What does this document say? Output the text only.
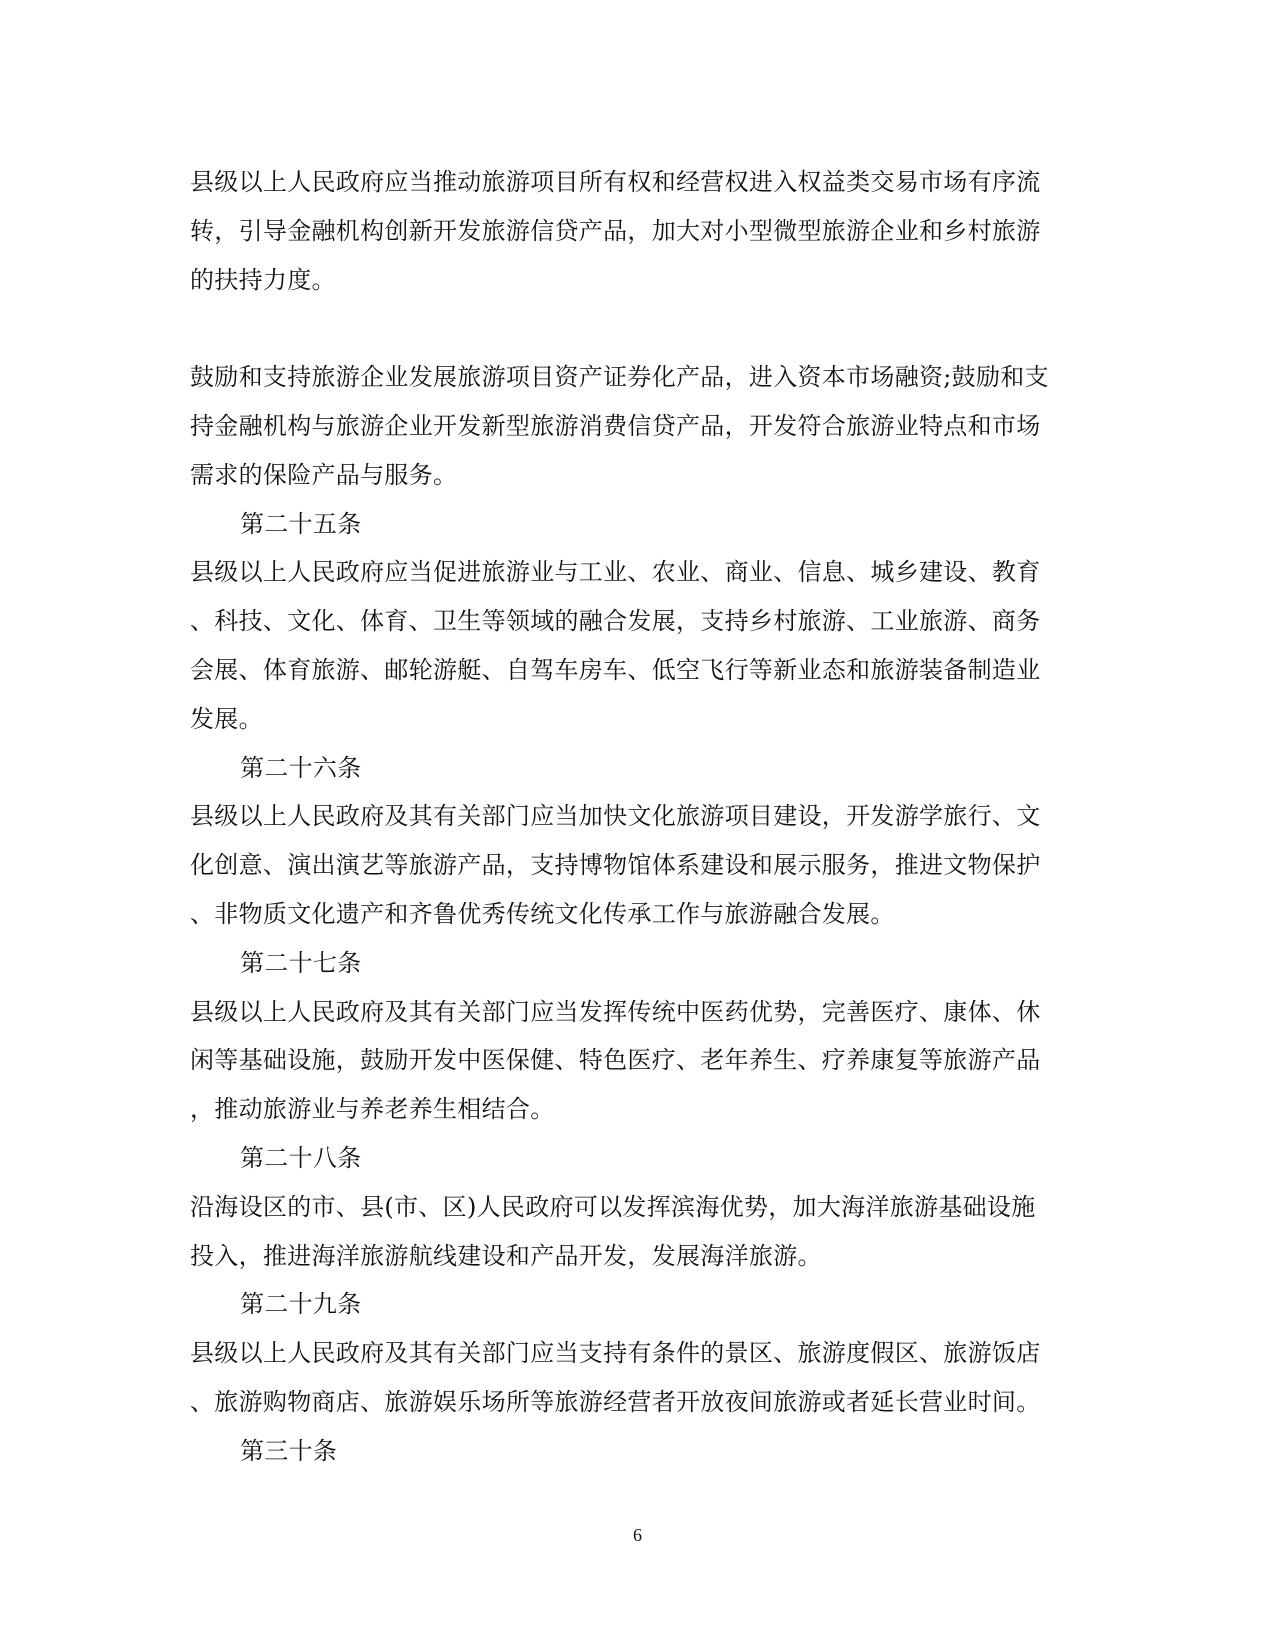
县级以上人民政府应当推动旅游项目所有权和经营权进入权益类交易市场有序流
转，引导金融机构创新开发旅游信贷产品，加大对小型微型旅游企业和乡村旅游
的扶持力度。
鼓励和支持旅游企业发展旅游项目资产证券化产品，进入资本市场融资;鼓励和支
持金融机构与旅游企业开发新型旅游消费信贷产品，开发符合旅游业特点和市场
需求的保险产品与服务。
第二十五条
县级以上人民政府应当促进旅游业与工业、农业、商业、信息、城乡建设、教育
、科技、文化、体育、卫生等领域的融合发展，支持乡村旅游、工业旅游、商务
会展、体育旅游、邮轮游艇、自驾车房车、低空飞行等新业态和旅游装备制造业
发展。
第二十六条
县级以上人民政府及其有关部门应当加快文化旅游项目建设，开发游学旅行、文
化创意、演出演艺等旅游产品，支持博物馆体系建设和展示服务，推进文物保护
、非物质文化遗产和齐鲁优秀传统文化传承工作与旅游融合发展。
第二十七条
县级以上人民政府及其有关部门应当发挥传统中医药优势，完善医疗、康体、休
闲等基础设施，鼓励开发中医保健、特色医疗、老年养生、疗养康复等旅游产品
，推动旅游业与养老养生相结合。
第二十八条
沿海设区的市、县(市、区)人民政府可以发挥滨海优势，加大海洋旅游基础设施
投入，推进海洋旅游航线建设和产品开发，发展海洋旅游。
第二十九条
县级以上人民政府及其有关部门应当支持有条件的景区、旅游度假区、旅游饭店
、旅游购物商店、旅游娱乐场所等旅游经营者开放夜间旅游或者延长营业时间。
第三十条
6
